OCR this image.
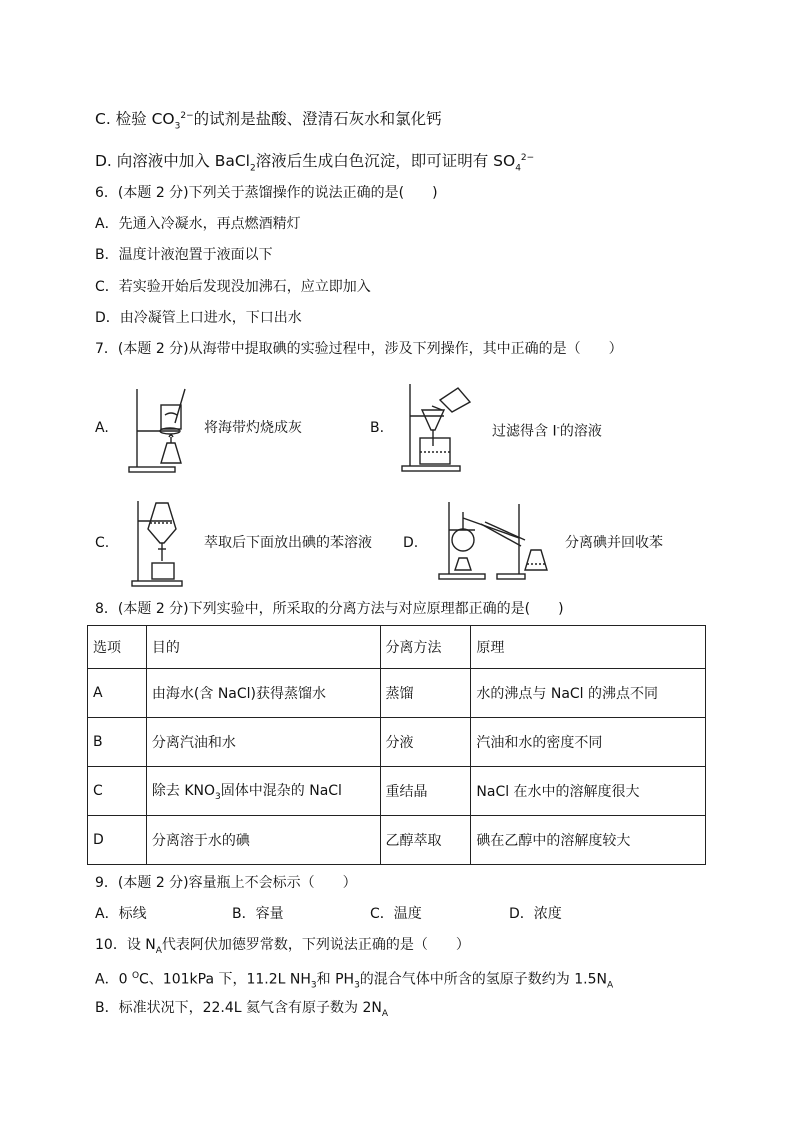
C. 检验 $CO_3^{2-}$的试剂是盐酸、澄清石灰水和氯化钙
D. 向溶液中加入 BaCl$_2$溶液后生成白色沉淀，即可证明有 $SO_4^{2-}$
6．(本题 2 分)下列关于蒸馏操作的说法正确的是(　　)
A．先通入冷凝水，再点燃酒精灯
B．温度计液泡置于液面以下
C．若实验开始后发现没加沸石，应立即加入
D．由冷凝管上口进水，下口出水
7．(本题 2 分)从海带中提取碘的实验过程中，涉及下列操作，其中正确的是（　　）
A.	将海带灼烧成灰	B.	过滤得含 I-的溶液
C.	萃取后下面放出碘的苯溶液 D.	分离碘并回收苯
8．(本题 2 分)下列实验中，所采取的分离方法与对应原理都正确的是(　　)
选项	目的	分离方法	原理
A	由海水(含 NaCl)获得蒸馏水	蒸馏	水的沸点与 NaCl 的沸点不同
B	分离汽油和水	分液	汽油和水的密度不同
C	除去 $KNO_3$固体中混杂的 NaCl	重结晶	NaCl 在水中的溶解度很大
D	分离溶于水的碘	乙醇萃取	碘在乙醇中的溶解度较大
9．(本题 2 分)容量瓶上不会标示（　　）
A．标线	B．容量	C．温度	D．浓度
10．设 $N_A$代表阿伏加德罗常数，下列说法正确的是（　　）
A．0 $^O$C、101kPa 下，11.2L $NH_3$和 $PH_3$的混合气体中所含的氢原子数约为 $1.5N_A$
B．标准状况下，22.4L 氦气含有原子数为 $2N_A$
